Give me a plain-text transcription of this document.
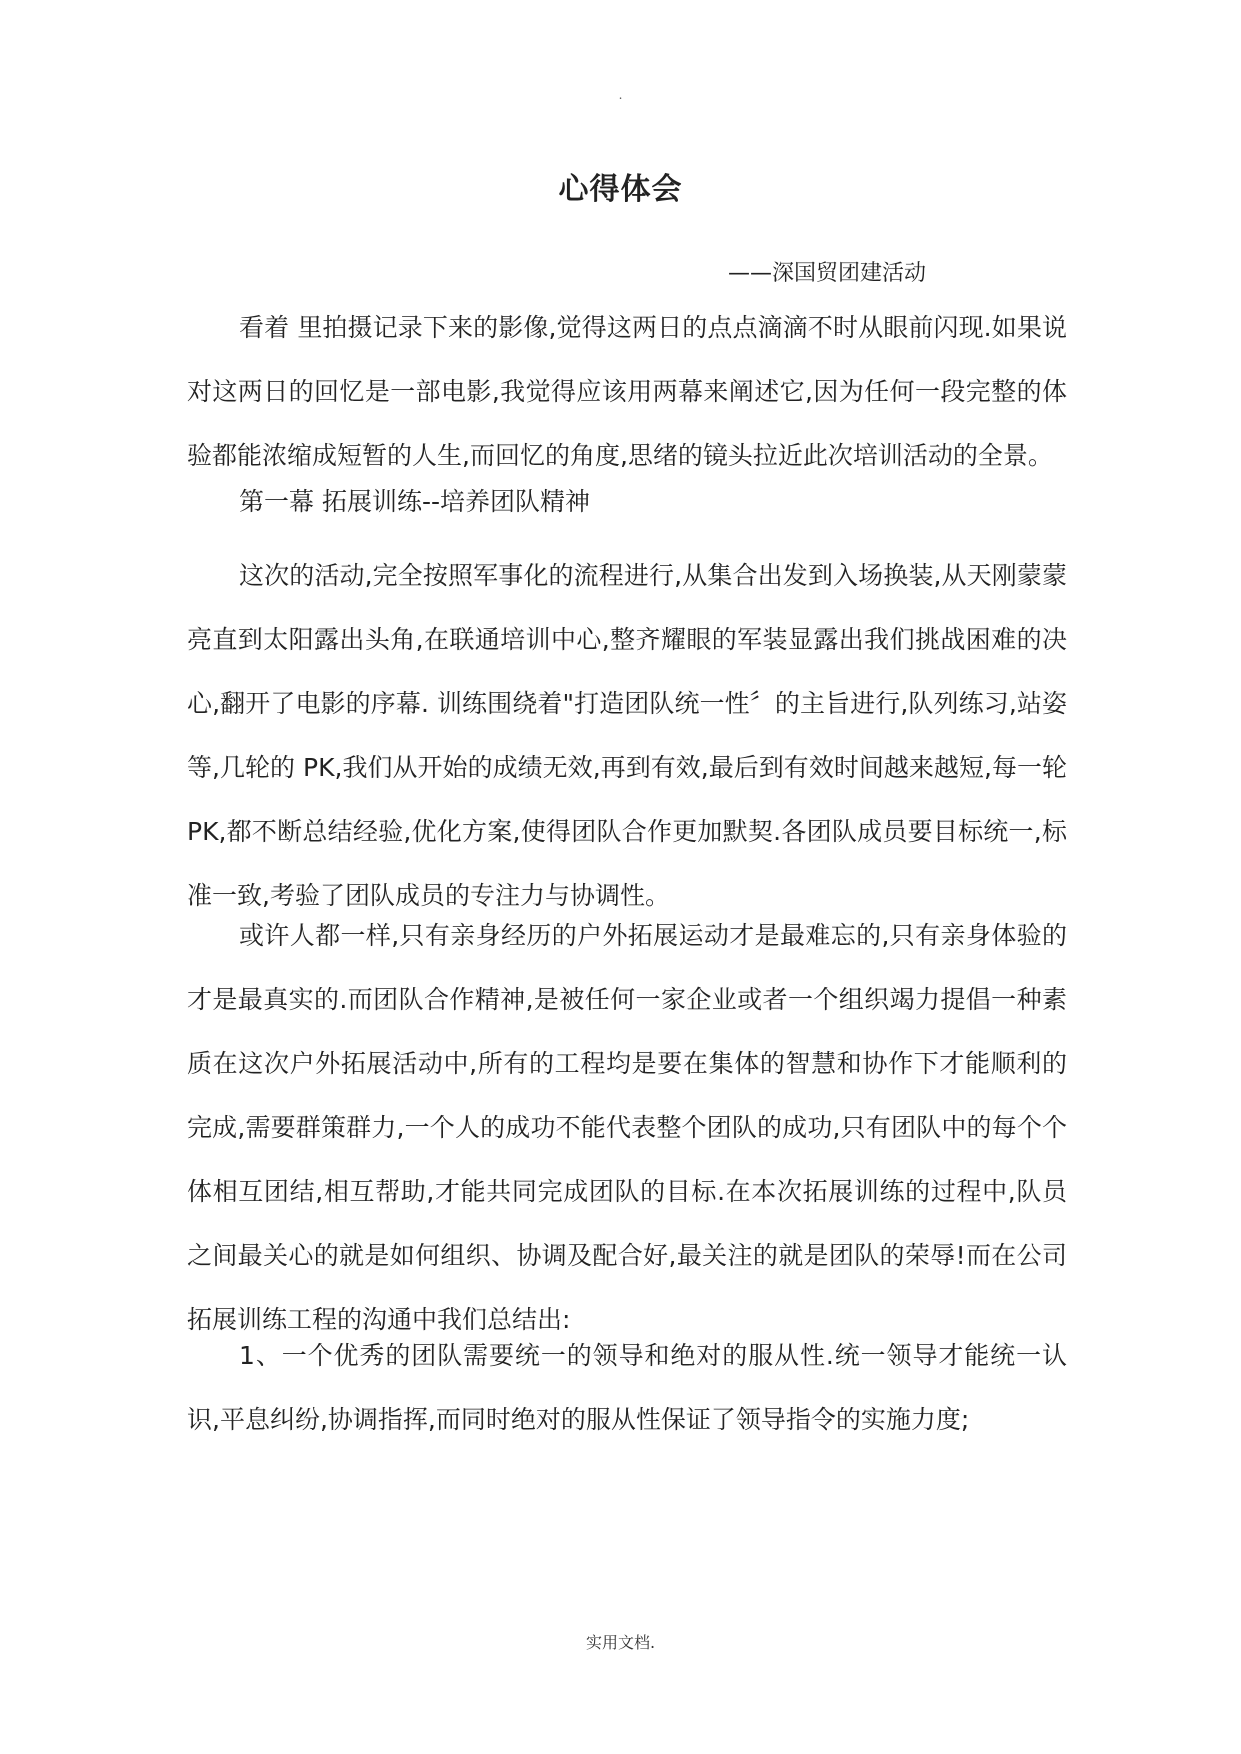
.
心得体会
——深国贸团建活动

看着 里拍摄记录下来的影像,觉得这两日的点点滴滴不时从眼前闪现.如果说对这两日的回忆是一部电影,我觉得应该用两幕来阐述它,因为任何一段完整的体验都能浓缩成短暂的人生,而回忆的角度,思绪的镜头拉近此次培训活动的全景。

第一幕 拓展训练--培养团队精神

这次的活动,完全按照军事化的流程进行,从集合出发到入场换装,从天刚蒙蒙亮直到太阳露出头角,在联通培训中心,整齐耀眼的军装显露出我们挑战困难的决心,翻开了电影的序幕. 训练围绕着"打造团队统一性〞的主旨进行,队列练习,站姿等,几轮的 PK,我们从开始的成绩无效,再到有效,最后到有效时间越来越短,每一轮 PK,都不断总结经验,优化方案,使得团队合作更加默契.各团队成员要目标统一,标准一致,考验了团队成员的专注力与协调性。

或许人都一样,只有亲身经历的户外拓展运动才是最难忘的,只有亲身体验的才是最真实的.而团队合作精神,是被任何一家企业或者一个组织竭力提倡一种素质在这次户外拓展活动中,所有的工程均是要在集体的智慧和协作下才能顺利的完成,需要群策群力,一个人的成功不能代表整个团队的成功,只有团队中的每个个体相互团结,相互帮助,才能共同完成团队的目标.在本次拓展训练的过程中,队员之间最关心的就是如何组织、协调及配合好,最关注的就是团队的荣辱!而在公司拓展训练工程的沟通中我们总结出:

1、一个优秀的团队需要统一的领导和绝对的服从性.统一领导才能统一认识,平息纠纷,协调指挥,而同时绝对的服从性保证了领导指令的实施力度;

实用文档.
